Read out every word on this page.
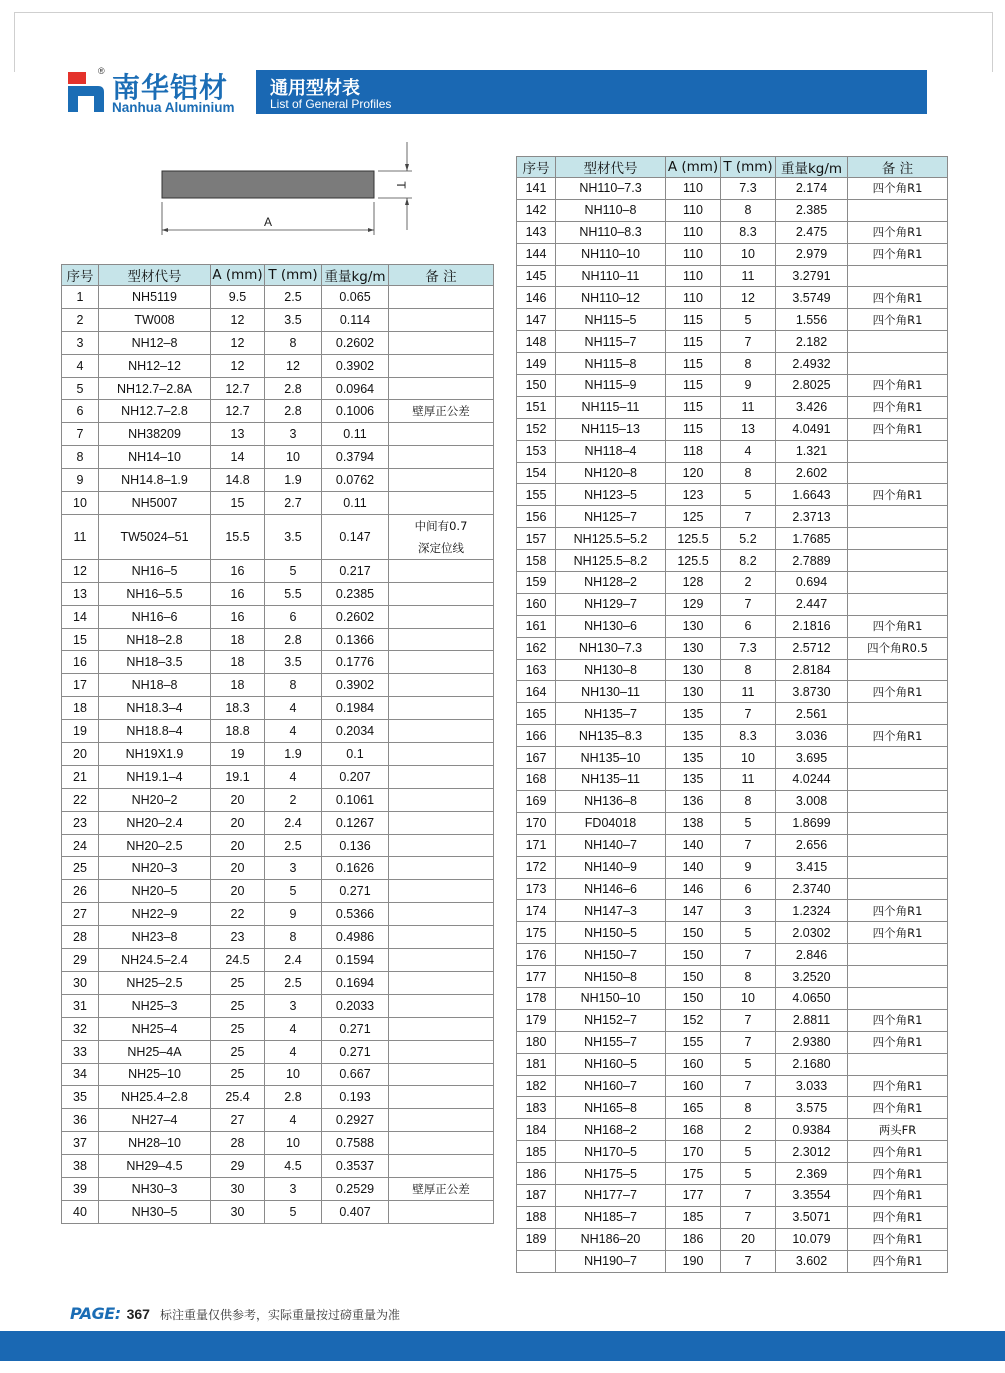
® 南华铝材
Nanhua Aluminium
通用型材表
List of General Profiles
A
T
序号	型材代号	A (mm)	T (mm)	重量kg/m	备 注
1	NH5119	9.5	2.5	0.065	
2	TW008	12	3.5	0.114	
3	NH12–8	12	8	0.2602	
4	NH12–12	12	12	0.3902	
5	NH12.7–2.8A	12.7	2.8	0.0964	
6	NH12.7–2.8	12.7	2.8	0.1006	壁厚正公差
7	NH38209	13	3	0.11	
8	NH14–10	14	10	0.3794	
9	NH14.8–1.9	14.8	1.9	0.0762	
10	NH5007	15	2.7	0.11	
11	TW5024–51	15.5	3.5	0.147	中间有0.7
深定位线

12	NH16–5	16	5	0.217	
13	NH16–5.5	16	5.5	0.2385	
14	NH16–6	16	6	0.2602	
15	NH18–2.8	18	2.8	0.1366	
16	NH18–3.5	18	3.5	0.1776	
17	NH18–8	18	8	0.3902	
18	NH18.3–4	18.3	4	0.1984	
19	NH18.8–4	18.8	4	0.2034	
20	NH19X1.9	19	1.9	0.1	
21	NH19.1–4	19.1	4	0.207	
22	NH20–2	20	2	0.1061	
23	NH20–2.4	20	2.4	0.1267	
24	NH20–2.5	20	2.5	0.136	
25	NH20–3	20	3	0.1626	
26	NH20–5	20	5	0.271	
27	NH22–9	22	9	0.5366	
28	NH23–8	23	8	0.4986	
29	NH24.5–2.4	24.5	2.4	0.1594	
30	NH25–2.5	25	2.5	0.1694	
31	NH25–3	25	3	0.2033	
32	NH25–4	25	4	0.271	
33	NH25–4A	25	4	0.271	
34	NH25–10	25	10	0.667	
35	NH25.4–2.8	25.4	2.8	0.193	
36	NH27–4	27	4	0.2927	
37	NH28–10	28	10	0.7588	
38	NH29–4.5	29	4.5	0.3537	
39	NH30–3	30	3	0.2529	壁厚正公差
40	NH30–5	30	5	0.407	
序号	型材代号	A (mm)	T (mm)	重量kg/m	备 注
141	NH110–7.3	110	7.3	2.174	四个角R1
142	NH110–8	110	8	2.385	
143	NH110–8.3	110	8.3	2.475	四个角R1
144	NH110–10	110	10	2.979	四个角R1
145	NH110–11	110	11	3.2791	
146	NH110–12	110	12	3.5749	四个角R1
147	NH115–5	115	5	1.556	四个角R1
148	NH115–7	115	7	2.182	
149	NH115–8	115	8	2.4932	
150	NH115–9	115	9	2.8025	四个角R1
151	NH115–11	115	11	3.426	四个角R1
152	NH115–13	115	13	4.0491	四个角R1
153	NH118–4	118	4	1.321	
154	NH120–8	120	8	2.602	
155	NH123–5	123	5	1.6643	四个角R1
156	NH125–7	125	7	2.3713	
157	NH125.5–5.2	125.5	5.2	1.7685	
158	NH125.5–8.2	125.5	8.2	2.7889	
159	NH128–2	128	2	0.694	
160	NH129–7	129	7	2.447	
161	NH130–6	130	6	2.1816	四个角R1
162	NH130–7.3	130	7.3	2.5712	四个角R0.5
163	NH130–8	130	8	2.8184	
164	NH130–11	130	11	3.8730	四个角R1
165	NH135–7	135	7	2.561	
166	NH135–8.3	135	8.3	3.036	四个角R1
167	NH135–10	135	10	3.695	
168	NH135–11	135	11	4.0244	
169	NH136–8	136	8	3.008	
170	FD04018	138	5	1.8699	
171	NH140–7	140	7	2.656	
172	NH140–9	140	9	3.415	
173	NH146–6	146	6	2.3740	
174	NH147–3	147	3	1.2324	四个角R1
175	NH150–5	150	5	2.0302	四个角R1
176	NH150–7	150	7	2.846	
177	NH150–8	150	8	3.2520	
178	NH150–10	150	10	4.0650	
179	NH152–7	152	7	2.8811	四个角R1
180	NH155–7	155	7	2.9380	四个角R1
181	NH160–5	160	5	2.1680	
182	NH160–7	160	7	3.033	四个角R1
183	NH165–8	165	8	3.575	四个角R1
184	NH168–2	168	2	0.9384	两头FR
185	NH170–5	170	5	2.3012	四个角R1
186	NH175–5	175	5	2.369	四个角R1
187	NH177–7	177	7	3.3554	四个角R1
188	NH185–7	185	7	3.5071	四个角R1
189	NH186–20	186	20	10.079	四个角R1
	NH190–7	190	7	3.602	四个角R1
PAGE: 367 标注重量仅供参考，实际重量按过磅重量为准
